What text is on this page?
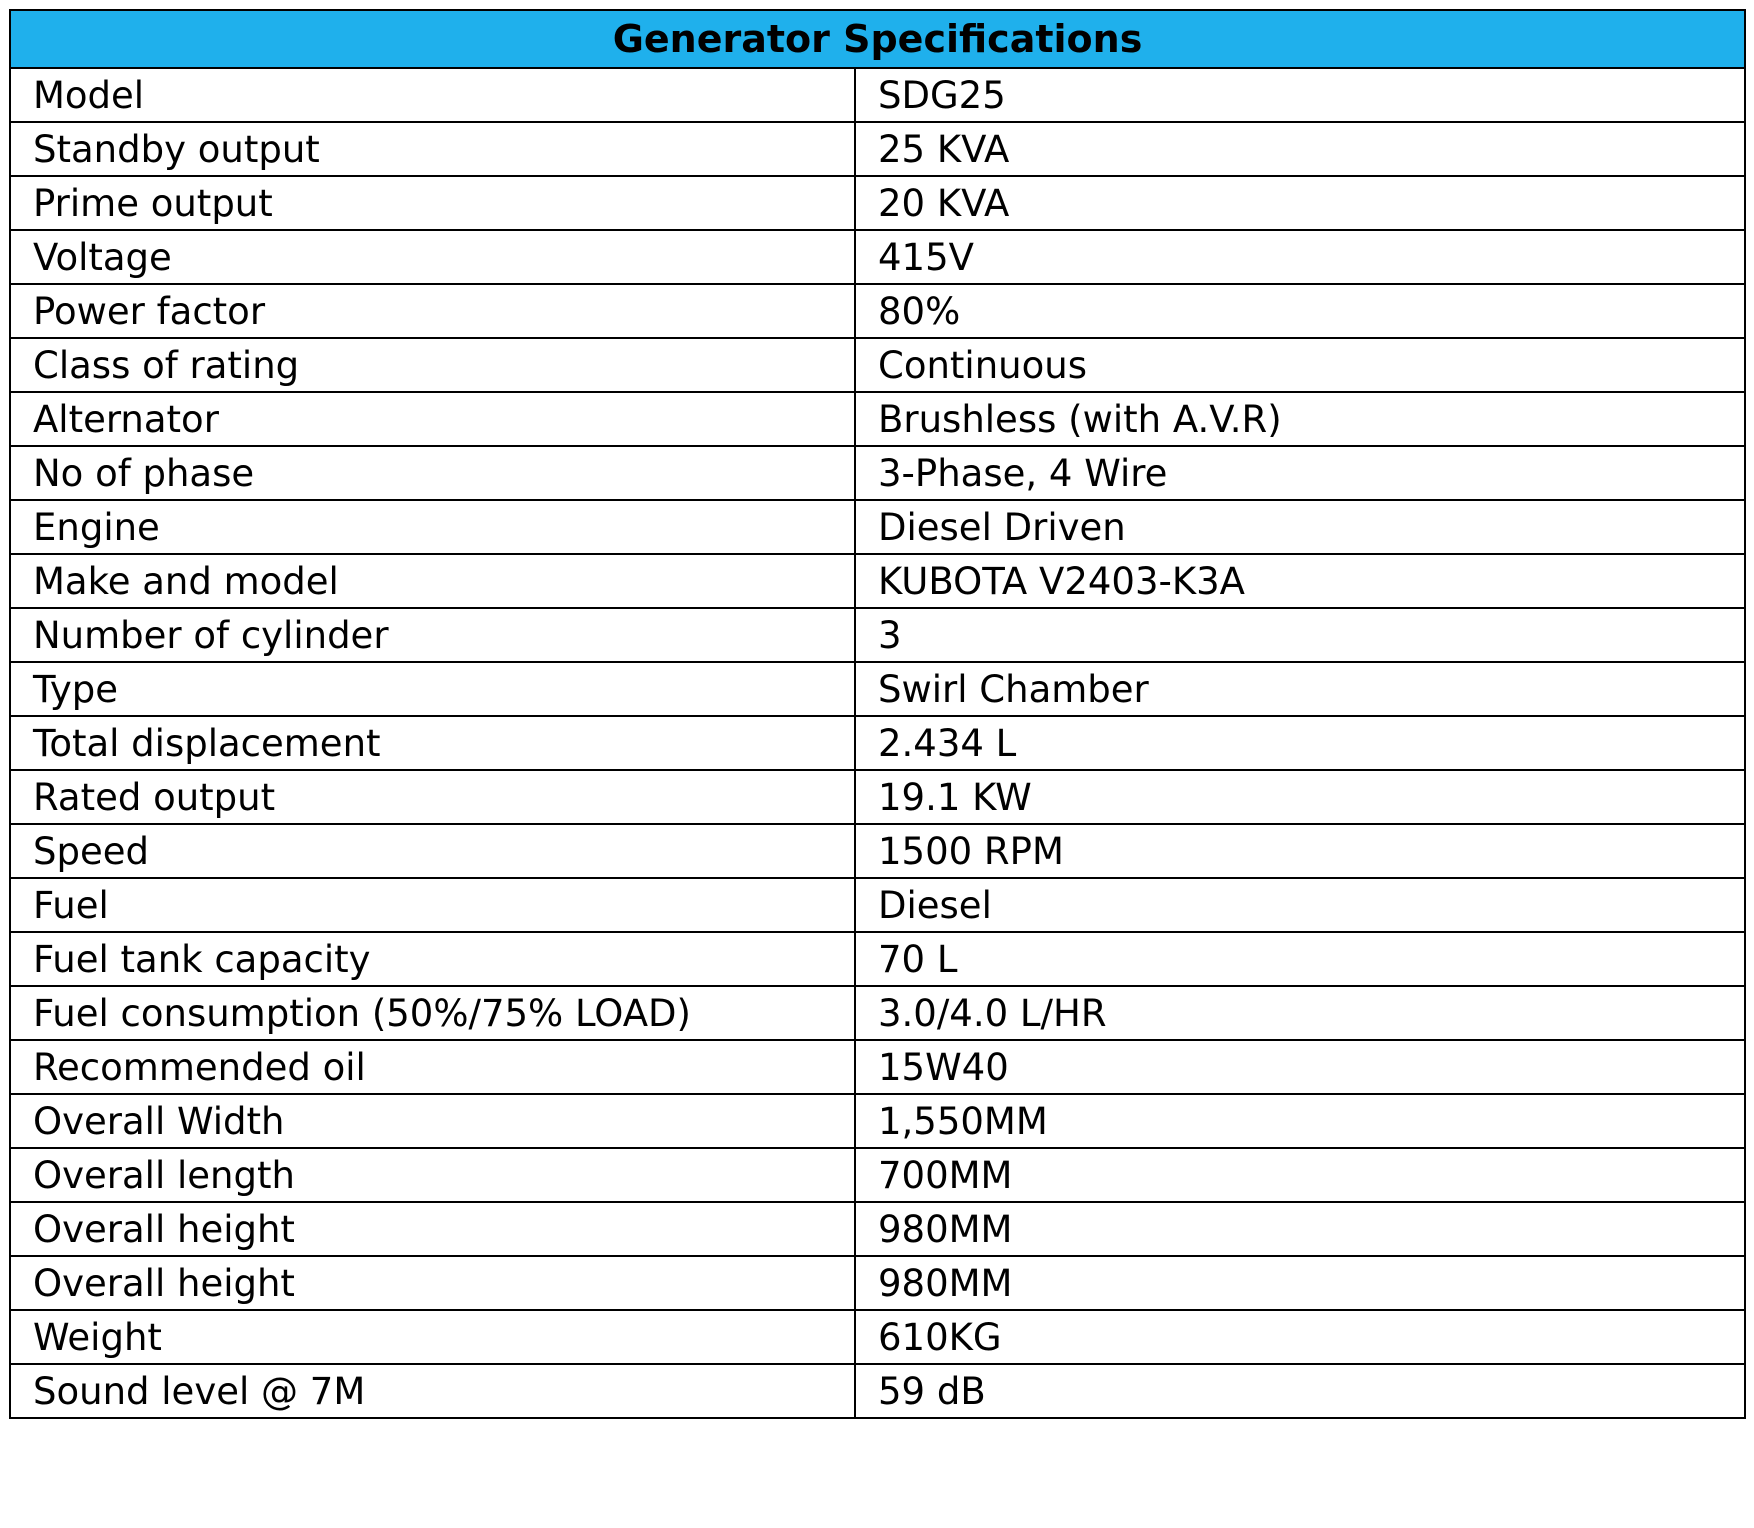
Generator Specifications	
Model	SDG25
Standby output	25 KVA
Prime output	20 KVA
Voltage	415V
Power factor	80%
Class of rating	Continuous
Alternator	Brushless (with A.V.R)
No of phase	3-Phase, 4 Wire
Engine	Diesel Driven
Make and model	KUBOTA V2403-K3A
Number of cylinder	3
Type	Swirl Chamber
Total displacement	2.434 L
Rated output	19.1 KW
Speed	1500 RPM
Fuel	Diesel
Fuel tank capacity	70 L
Fuel consumption (50%/75% LOAD)	3.0/4.0 L/HR
Recommended oil	15W40
Overall Width	1,550MM
Overall length	700MM
Overall height	980MM
Overall height	980MM
Weight	610KG
Sound level @ 7M	59 dB
